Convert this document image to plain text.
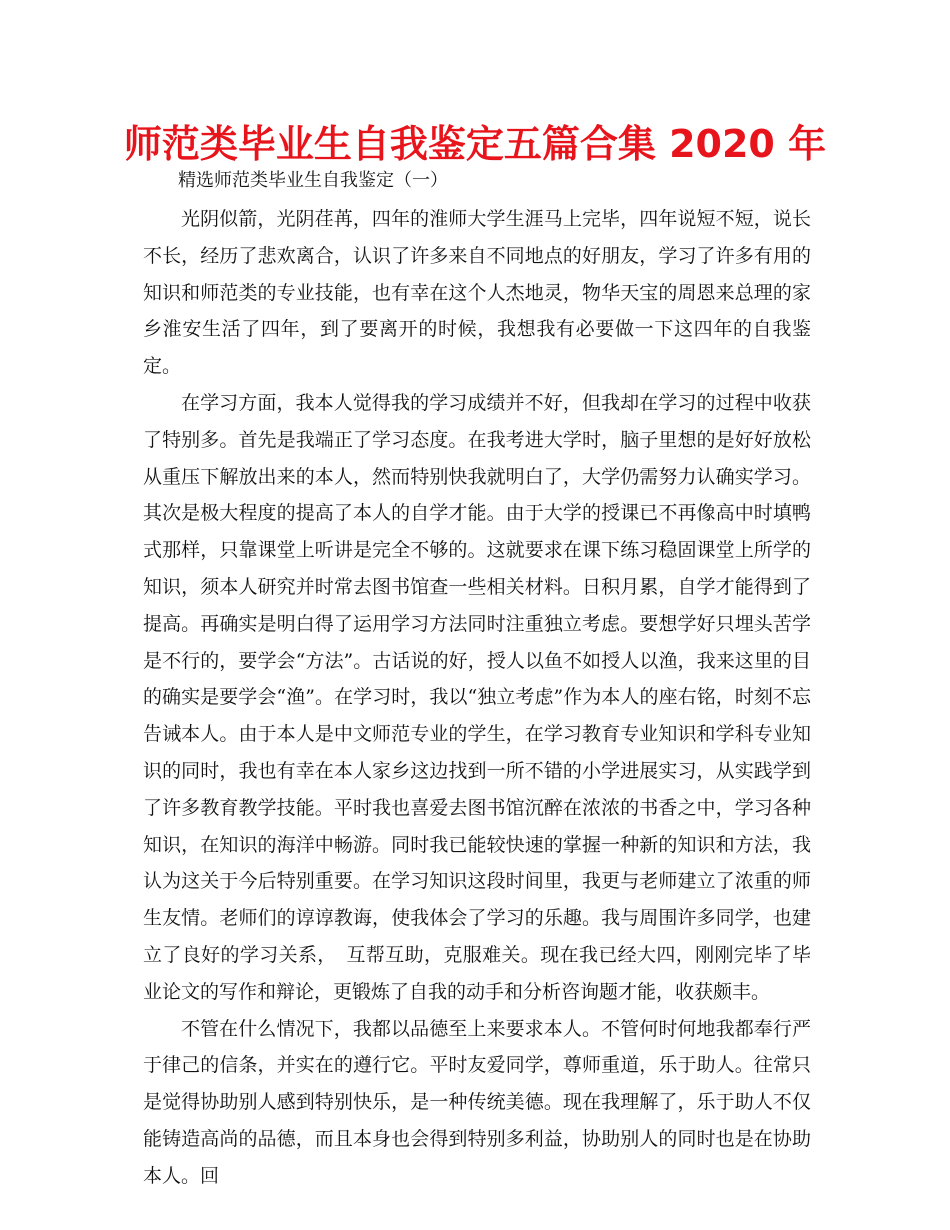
师范类毕业生自我鉴定五篇合集 2020 年
精选师范类毕业生自我鉴定（一）

光阴似箭，光阴荏苒，四年的淮师大学生涯马上完毕，四年说短不短，说长不长，经历了悲欢离合，认识了许多来自不同地点的好朋友，学习了许多有用的知识和师范类的专业技能，也有幸在这个人杰地灵，物华天宝的周恩来总理的家乡淮安生活了四年，到了要离开的时候，我想我有必要做一下这四年的自我鉴定。

在学习方面，我本人觉得我的学习成绩并不好，但我却在学习的过程中收获了特别多。首先是我端正了学习态度。在我考进大学时，脑子里想的是好好放松从重压下解放出来的本人，然而特别快我就明白了，大学仍需努力认确实学习。其次是极大程度的提高了本人的自学才能。由于大学的授课已不再像高中时填鸭式那样，只靠课堂上听讲是完全不够的。这就要求在课下练习稳固课堂上所学的知识，须本人研究并时常去图书馆查一些相关材料。日积月累，自学才能得到了提高。再确实是明白得了运用学习方法同时注重独立考虑。要想学好只埋头苦学是不行的，要学会“方法”。古话说的好，授人以鱼不如授人以渔，我来这里的目的确实是要学会“渔”。在学习时，我以“独立考虑”作为本人的座右铭，时刻不忘告诫本人。由于本人是中文师范专业的学生，在学习教育专业知识和学科专业知识的同时，我也有幸在本人家乡这边找到一所不错的小学进展实习，从实践学到了许多教育教学技能。平时我也喜爱去图书馆沉醉在浓浓的书香之中，学习各种知识，在知识的海洋中畅游。同时我已能较快速的掌握一种新的知识和方法，我认为这关于今后特别重要。在学习知识这段时间里，我更与老师建立了浓重的师生友情。老师们的谆谆教诲，使我体会了学习的乐趣。我与周围许多同学，也建立了良好的学习关系，　互帮互助，克服难关。现在我已经大四，刚刚完毕了毕业论文的写作和辩论，更锻炼了自我的动手和分析咨询题才能，收获颇丰。

不管在什么情况下，我都以品德至上来要求本人。不管何时何地我都奉行严于律己的信条，并实在的遵行它。平时友爱同学，尊师重道，乐于助人。往常只是觉得协助别人感到特别快乐，是一种传统美德。现在我理解了，乐于助人不仅能铸造高尚的品德，而且本身也会得到特别多利益，协助别人的同时也是在协助本人。回
